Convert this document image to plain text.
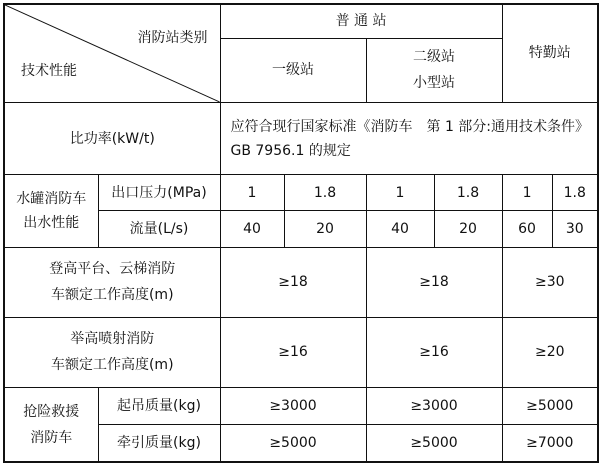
消防站类别
技术性能		普 通 站				特勤站	
		一级站		二级站
小型站			

比功率(kW/t)		应符合现行国家标准《消防车　第 1 部分:通用技术条件》GB 7956.1 的规定					

水罐消防车
出水性能	出口压力(MPa)	1	1.8	1	1.8	1	1.8
	流量(L/s)	40	20	40	20	60	30

登高平台、云梯消防
车额定工作高度(m)		≥18		≥18		≥30	

举高喷射消防
车额定工作高度(m)		≥16		≥16		≥20	

抢险救援
消防车	起吊质量(kg)	≥3000		≥3000		≥5000	
	牵引质量(kg)	≥5000		≥5000		≥7000	
